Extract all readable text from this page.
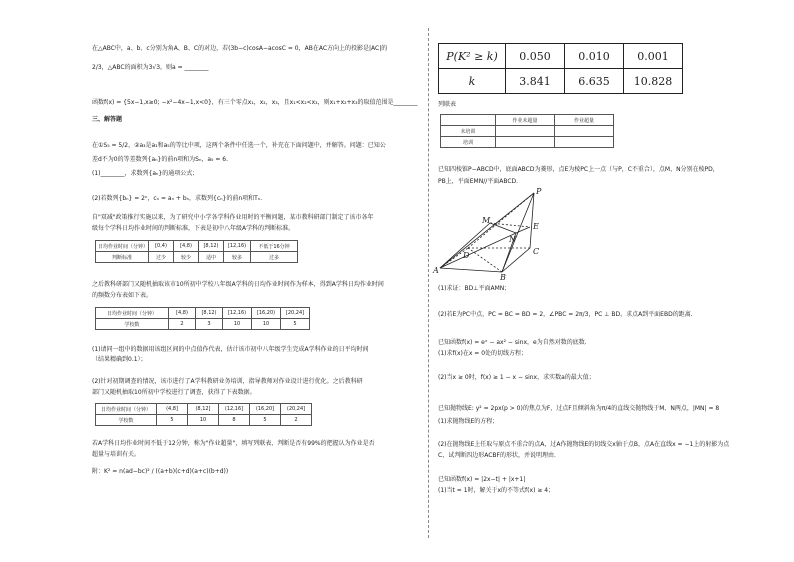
在△ABC中，a、b、c分别为角A、B、C的对边，若(3b−c)cosA−acosC = 0，AB在AC方向上的投影是|AC|的
2/3，△ABC的面积为3√3，则a = ________
函数f(x) = {5x−1,x≥0; −x²−4x−1,x<0}，有三个零点x₁，x₂，x₃，且x₁<x₂<x₃，则x₁+x₂+x₃的取值范围是________
三、解答题
在①S₅ = 5/2，②a₃是a₁和a₅的等比中项，这两个条件中任选一个，补充在下面问题中，并解答。问题：已知公
差d不为0的等差数列{aₙ}的前n项和为Sₙ，a₅ = 6.
(1)________，求数列{aₙ}的通项公式；
(2)若数列{bₙ} = 2ⁿ，cₙ = aₙ + bₙ，求数列{cₙ}的前n项和Tₙ.
自"双减"政策推行实施以来，为了研究中小学各学科作业用时的平衡问题，某市教科研部门制定了该市各年
级每个学科日均作业时间的判断标准，下表是初中八年级A学科的判断标准。
日均作业时间（分钟）	[0,4)	[4,8)	[8,12)	[12,16)	不低于16分钟
判断标准	过少	较少	适中	较多	过多
之后教科研部门又随机抽取该市10所初中学校八年级A学科的日均作业时间作为样本，得到A学科日均作业时间
的频数分布表如下表。
日均作业时间（分钟）	[4,8)	[8,12)	[12,16)	[16,20)	[20,24]
学校数	2	3	10	10	5
(1)请同一组中的数据用该组区间的中点值作代表，估计该市初中八年级学生完成A学科作业的日平均时间
（结果精确到0.1）；
(2)针对初期调查的情况，该市进行了A学科教研业务培训，指导教师对作业设计进行优化。之后教科研
部门又随机抽取10所初中学校进行了调查，获得了下表数据。
日均作业时间（分钟）	(4,8]	(8,12]	(12,16]	(16,20]	(20,24]
学校数	5	10	8	5	2
若A学科日均作业时间不低于12分钟，称为"作业超量"，填写列联表，判断是否有99%的把握认为作业是否
超量与培训有关。
附：K² = n(ad−bc)² / ((a+b)(c+d)(a+c)(b+d))
P(K² ≥ k)	0.050	0.010	0.001
k	3.841	6.635	10.828
列联表
	作业未超量	作业超量
未培训		
培训		
已知四棱锥P−ABCD中，底面ABCD为菱形，点E为棱PC上一点（与P，C不重合），点M，N分别在棱PD，
PB上，平面EMN//平面ABCD.
P
M
E
N
D	C
A
B
(1)求证：BD⊥平面AMN；
(2)若E为PC中点，PC = BC = BD = 2，∠PBC = 2π/3，PC ⊥ BD，求点A到平面EBD的距离.
已知函数f(x) = eˣ − ax² − sinx，e为自然对数的底数.
(1)求f(x)在x = 0处的切线方程；
(2)当x ≥ 0时，f(x) ≥ 1 − x − sinx，求实数a的最大值；
已知抛物线E: y² = 2px(p > 0)的焦点为F，过点F且倾斜角为π/4的直线交抛物线于M、N两点，|MN| = 8
(1)求抛物线E的方程；
(2)在抛物线E上任取与原点不重合的点A，过A作抛物线E的切线交x轴于点B，点A在直线x = −1上的射影为点
C，试判断四边形ACBF的形状，并说明理由.
已知函数f(x) = |2x−t| + |x+1|
(1)当t = 1时，解关于x的不等式f(x) ≥ 4；
